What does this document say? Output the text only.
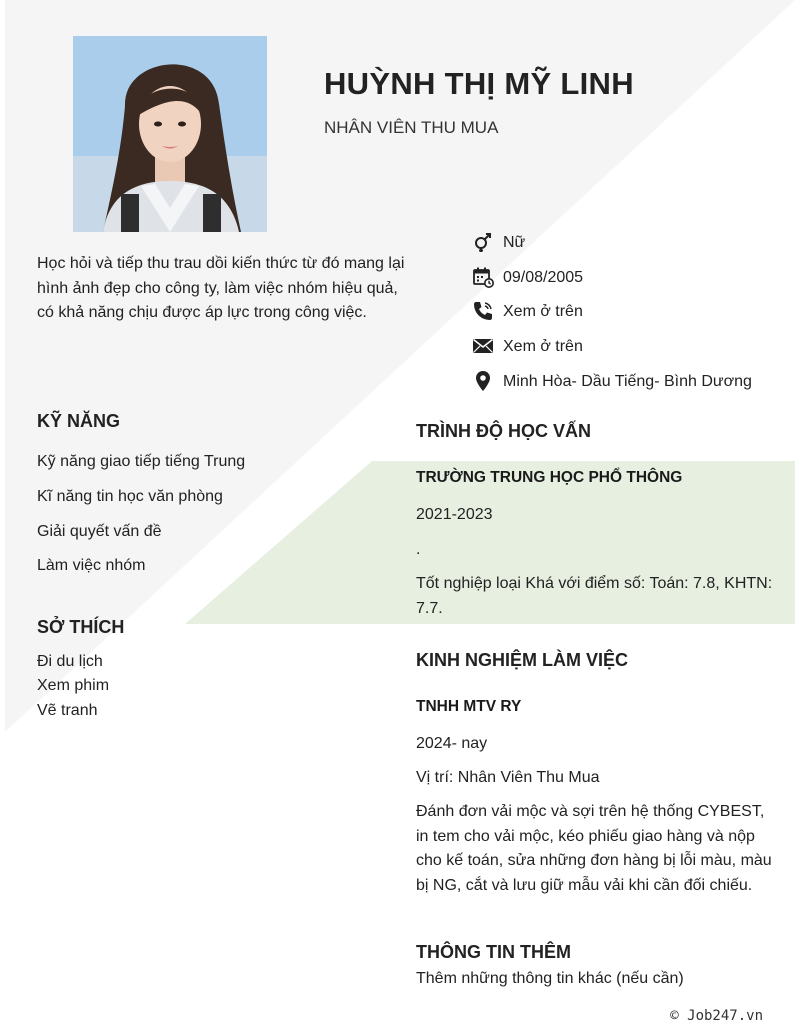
HUỲNH THỊ MỸ LINH
NHÂN VIÊN THU MUA
Học hỏi và tiếp thu trau dồi kiến thức từ đó mang lại hình ảnh đẹp cho công ty, làm việc nhóm hiệu quả, có khả năng chịu được áp lực trong công việc.
Nữ
09/08/2005
Xem ở trên
Xem ở trên
Minh Hòa- Dầu Tiếng- Bình Dương
KỸ NĂNG
Kỹ năng giao tiếp tiếng Trung
Kĩ năng tin học văn phòng
Giải quyết vấn đề
Làm việc nhóm
SỞ THÍCH
Đi du lịch
Xem phim
Vẽ tranh
TRÌNH ĐỘ HỌC VẤN
TRƯỜNG TRUNG HỌC PHỔ THÔNG
2021-2023
.
Tốt nghiệp loại Khá với điểm số: Toán: 7.8, KHTN: 7.7.
KINH NGHIỆM LÀM VIỆC
TNHH MTV RY
2024- nay
Vị trí: Nhân Viên Thu Mua
Đánh đơn vải mộc và sợi trên hệ thống CYBEST, in tem cho vải mộc, kéo phiếu giao hàng và nộp cho kế toán, sửa những đơn hàng bị lỗi màu, màu bị NG, cắt và lưu giữ mẫu vải khi cần đối chiếu.
THÔNG TIN THÊM
Thêm những thông tin khác (nếu cần)
© Job247.vn
